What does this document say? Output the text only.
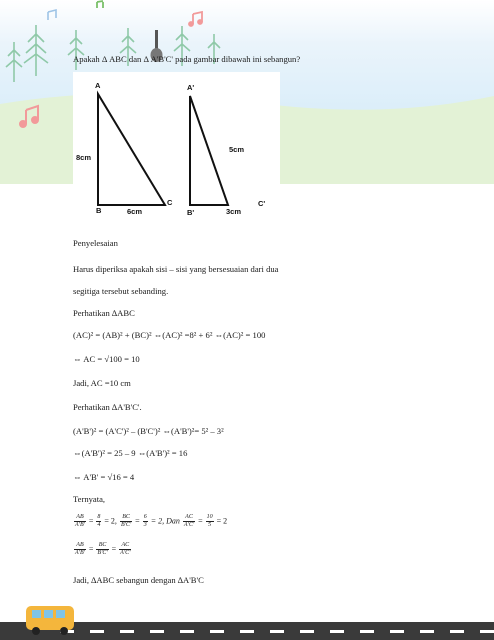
Apakah Δ ABC dan Δ A'B'C' pada gambar dibawah ini sebangun?
A
B
C
8cm
6cm
A'
B'
C'
5cm
3cm
Penyelesaian
Harus diperiksa apakah sisi – sisi yang bersesuaian dari dua
segitiga tersebut sebanding.
Perhatikan ∆ABC
(AC)² = (AB)² + (BC)² ⇔(AC)² =8² + 6² ⇔(AC)² = 100
⇔ AC = √100 = 10
Jadi, AC =10 cm
Perhatikan ∆A'B'C'.
(A'B')² = (A'C')² – (B'C')² ⇔(A'B')²= 5² – 3²
⇔(A'B')² = 25 – 9 ⇔(A'B')² = 16
⇔ A'B' = √16 = 4
Ternyata,
$\frac{AB}{A'B'} = \frac{8}{4} = 2$, $\frac{BC}{B'C'} = \frac{6}{3} = 2$, Dan $\frac{AC}{A'C'} = \frac{10}{5} = 2$
$\frac{AB}{A'B'} = \frac{BC}{B'C'} = \frac{AC}{A'C'}$
Jadi, ∆ABC sebangun dengan ∆A'B'C
